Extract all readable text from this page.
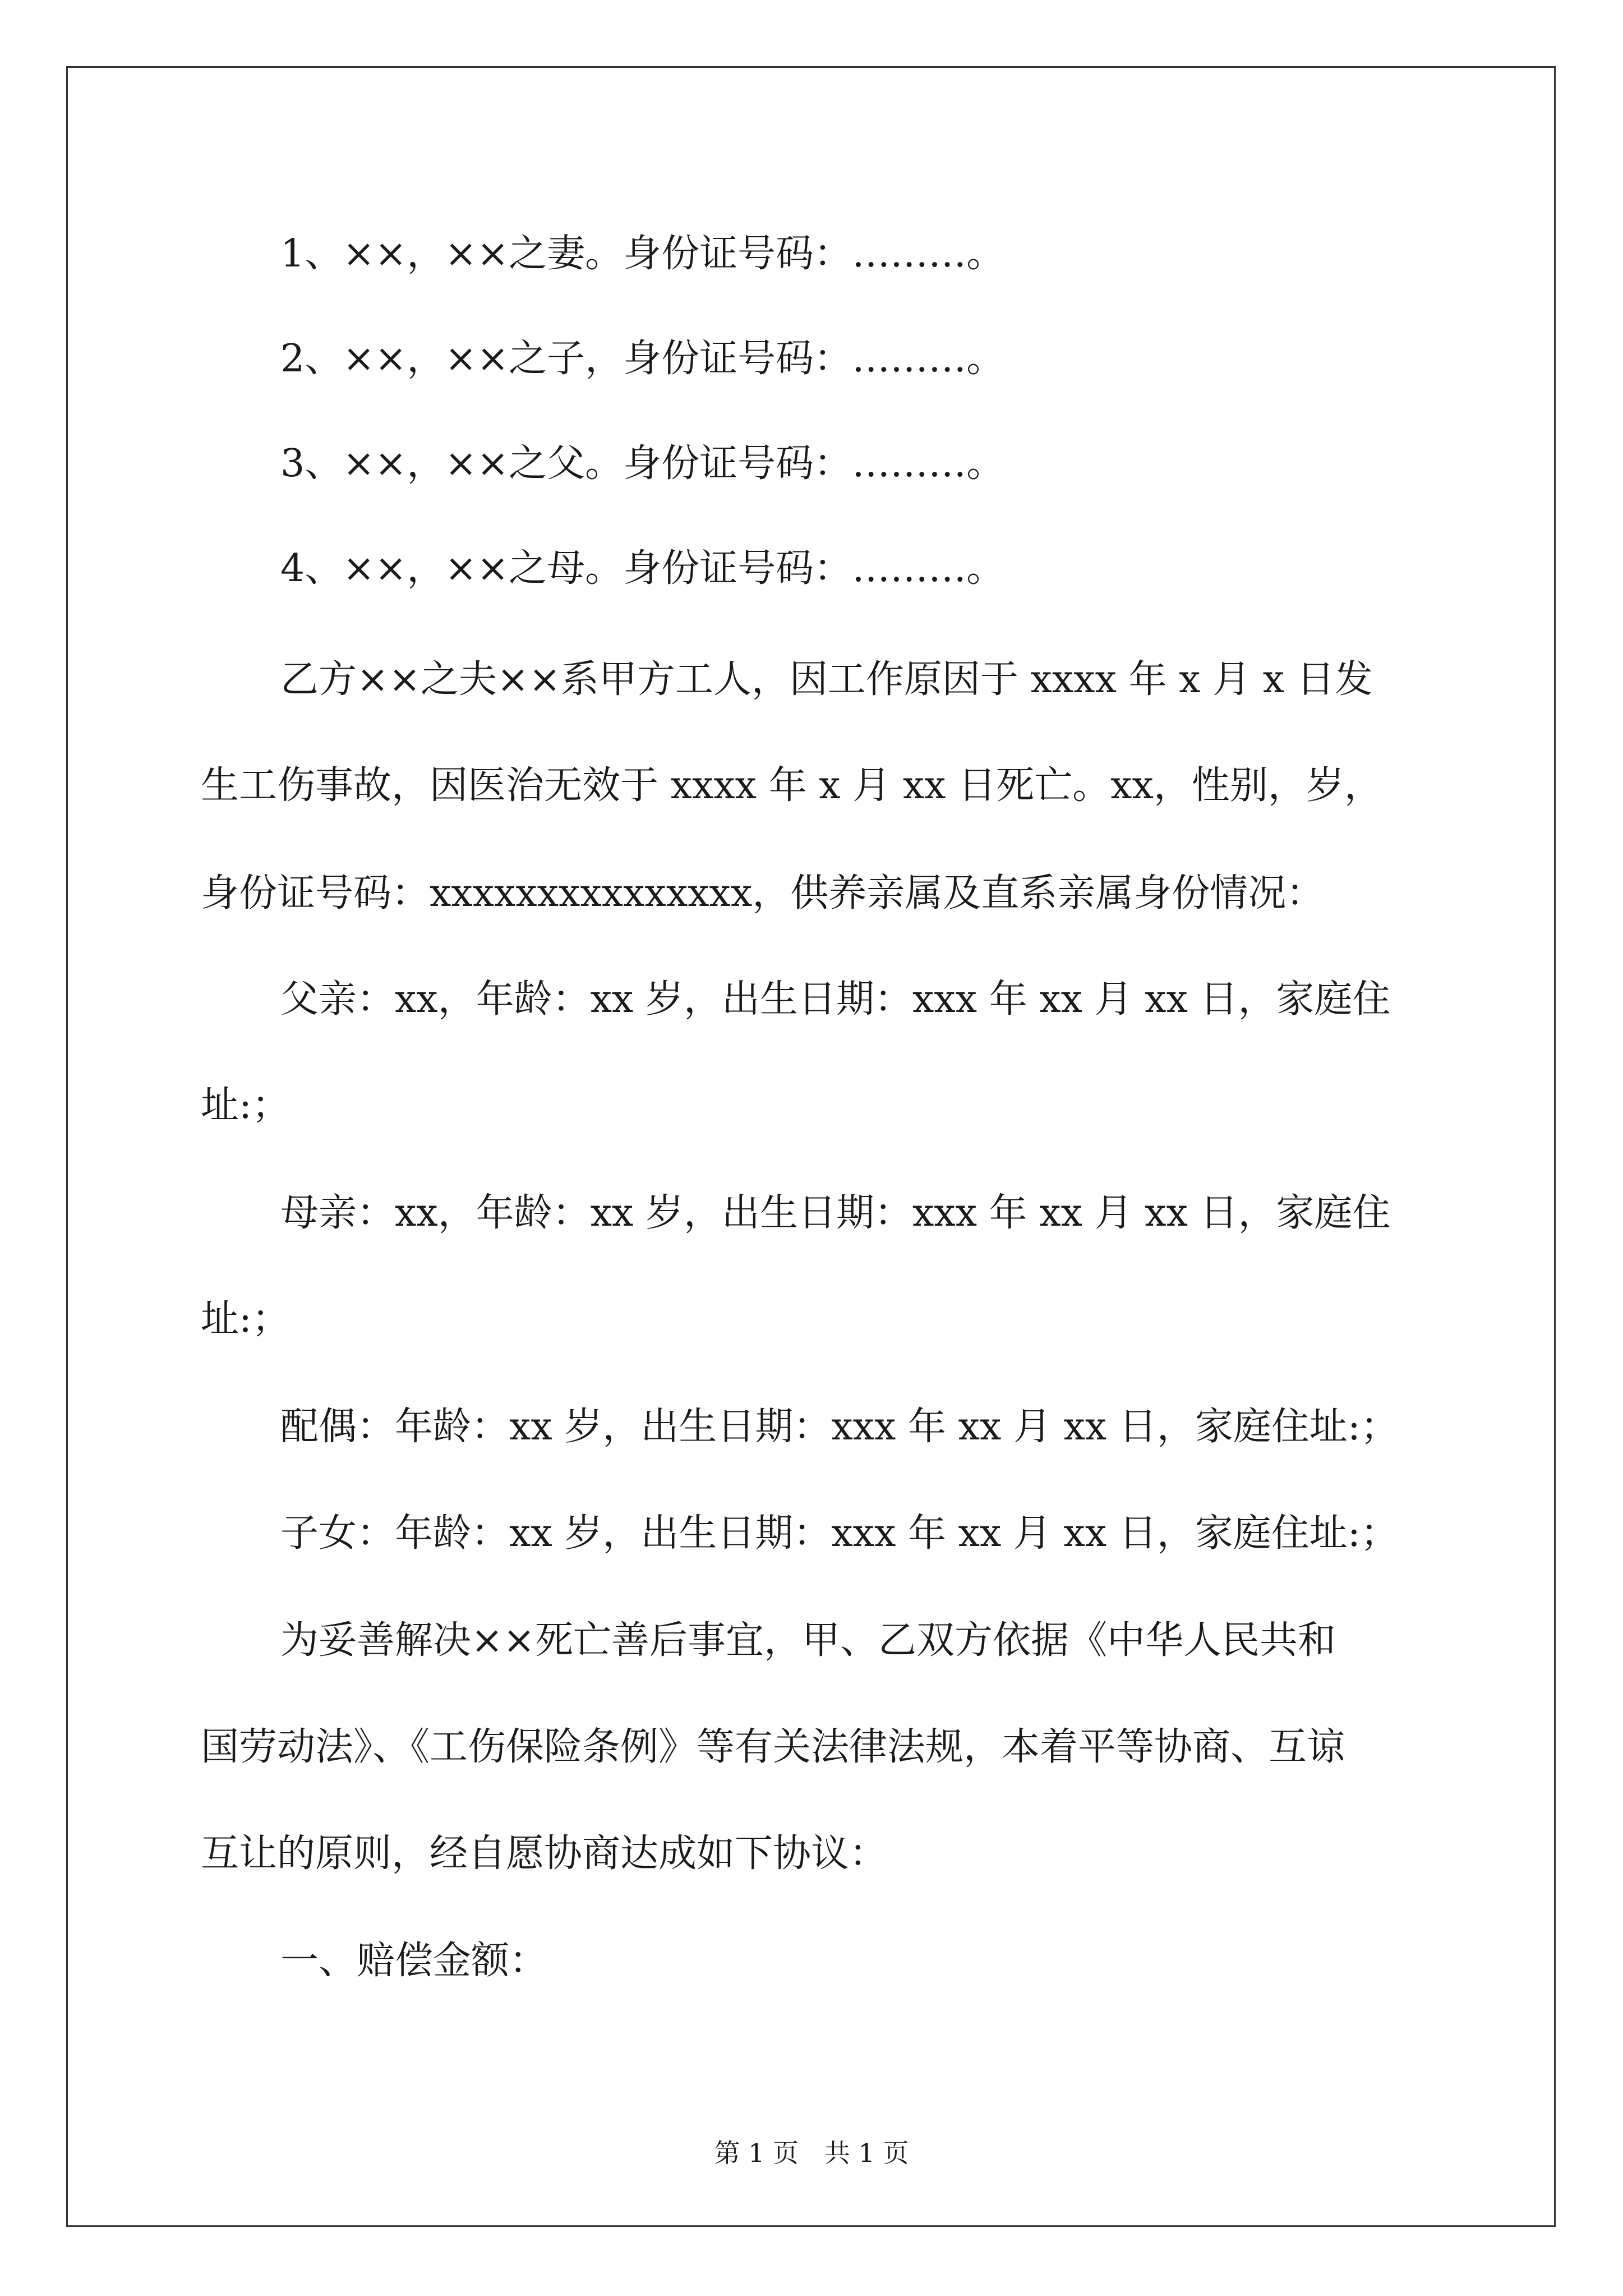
1、××，××之妻。身份证号码：………。

2、××，××之子，身份证号码：………。

3、××，××之父。身份证号码：………。

4、××，××之母。身份证号码：………。

乙方××之夫××系甲方工人，因工作原因于 xxxx 年 x 月 x 日发

生工伤事故，因医治无效于 xxxx 年 x 月 xx 日死亡。xx，性别，岁，

身份证号码：xxxxxxxxxxxxxxx，供养亲属及直系亲属身份情况：

父亲：xx，年龄：xx 岁，出生日期：xxx 年 xx 月 xx 日，家庭住

址:；

母亲：xx，年龄：xx 岁，出生日期：xxx 年 xx 月 xx 日，家庭住

址:；

配偶：年龄：xx 岁，出生日期：xxx 年 xx 月 xx 日，家庭住址:；

子女：年龄：xx 岁，出生日期：xxx 年 xx 月 xx 日，家庭住址:；

为妥善解决××死亡善后事宜，甲、乙双方依据《中华人民共和

国劳动法》、《工伤保险条例》等有关法律法规，本着平等协商、互谅

互让的原则，经自愿协商达成如下协议：

一、赔偿金额：

第 1 页　共 1 页
